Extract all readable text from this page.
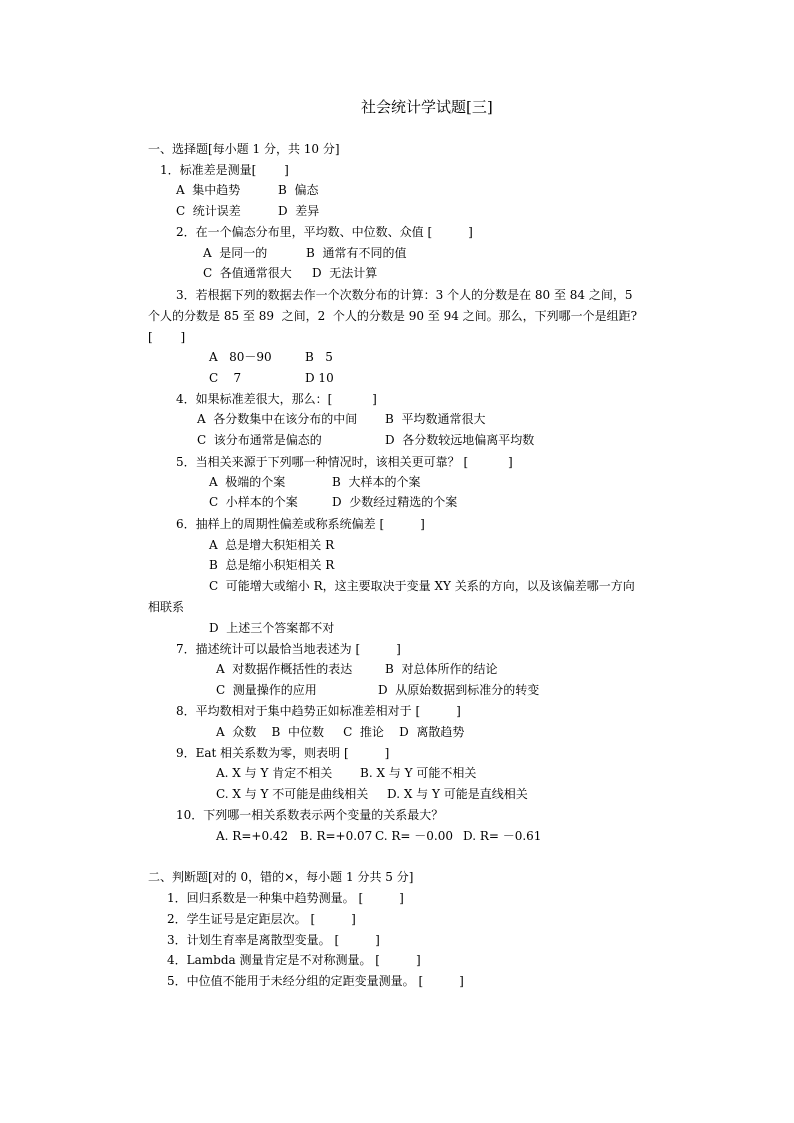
社会统计学试题[三]
一、选择题[每小题 1 分，共 10 分]
1．标准差是测量[　　 ]
A  集中趋势	B  偏态
C  统计误差	D  差异
2．在一个偏态分布里，平均数、中位数、众值 [　　　]
A  是同一的	B  通常有不同的值
C  各值通常很大 D  无法计算
3．若根据下列的数据去作一个次数分布的计算：3 个人的分数是在 80 至 84 之间，5
个人的分数是 85 至 89  之间，2  个人的分数是 90 至 94 之间。那么，下列哪一个是组距?
[　　 ]
A   80－90	B   5
C    7	D 10
4．如果标准差很大，那么：[　　　 ]
A  各分数集中在该分布的中间 B  平均数通常很大
C  该分布通常是偏态的	D  各分数较远地偏离平均数
5．当相关来源于下列哪一种情况时，该相关更可靠？ [　　　 ]
A  极端的个案	B  大样本的个案
C  小样本的个案	D  少数经过精选的个案
6．抽样上的周期性偏差或称系统偏差 [　　　]
A  总是增大积矩相关 R
B  总是缩小积矩相关 R
C  可能增大或缩小 R，这主要取决于变量 XY 关系的方向，以及该偏差哪一方向
相联系
D  上述三个答案都不对
7．描述统计可以最恰当地表述为 [　　　]
A  对数据作概括性的表达	B  对总体所作的结论
C  测量操作的应用	D  从原始数据到标准分的转变
8．平均数相对于集中趋势正如标准差相对于 [　　　]
A  众数    B  中位数     C  推论    D  离散趋势
9．Eat 相关系数为零，则表明 [　　　]
A. X 与 Y 肯定不相关 B. X 与 Y 可能不相关
C. X 与 Y 不可能是曲线相关 D. X 与 Y 可能是直线相关
10．下列哪一相关系数表示两个变量的关系最大？
A. R=+0.42 B. R=+0.07 C. R= －0.00 D. R= －0.61
二、判断题[对的 0，错的×，每小题 1 分共 5 分]
1．回归系数是一种集中趋势测量。 [　　　]
2．学生证号是定距层次。 [　　　]
3．计划生育率是离散型变量。 [　　　]
4．Lambda 测量肯定是不对称测量。 [　　　]
5．中位值不能用于未经分组的定距变量测量。 [　　　]
